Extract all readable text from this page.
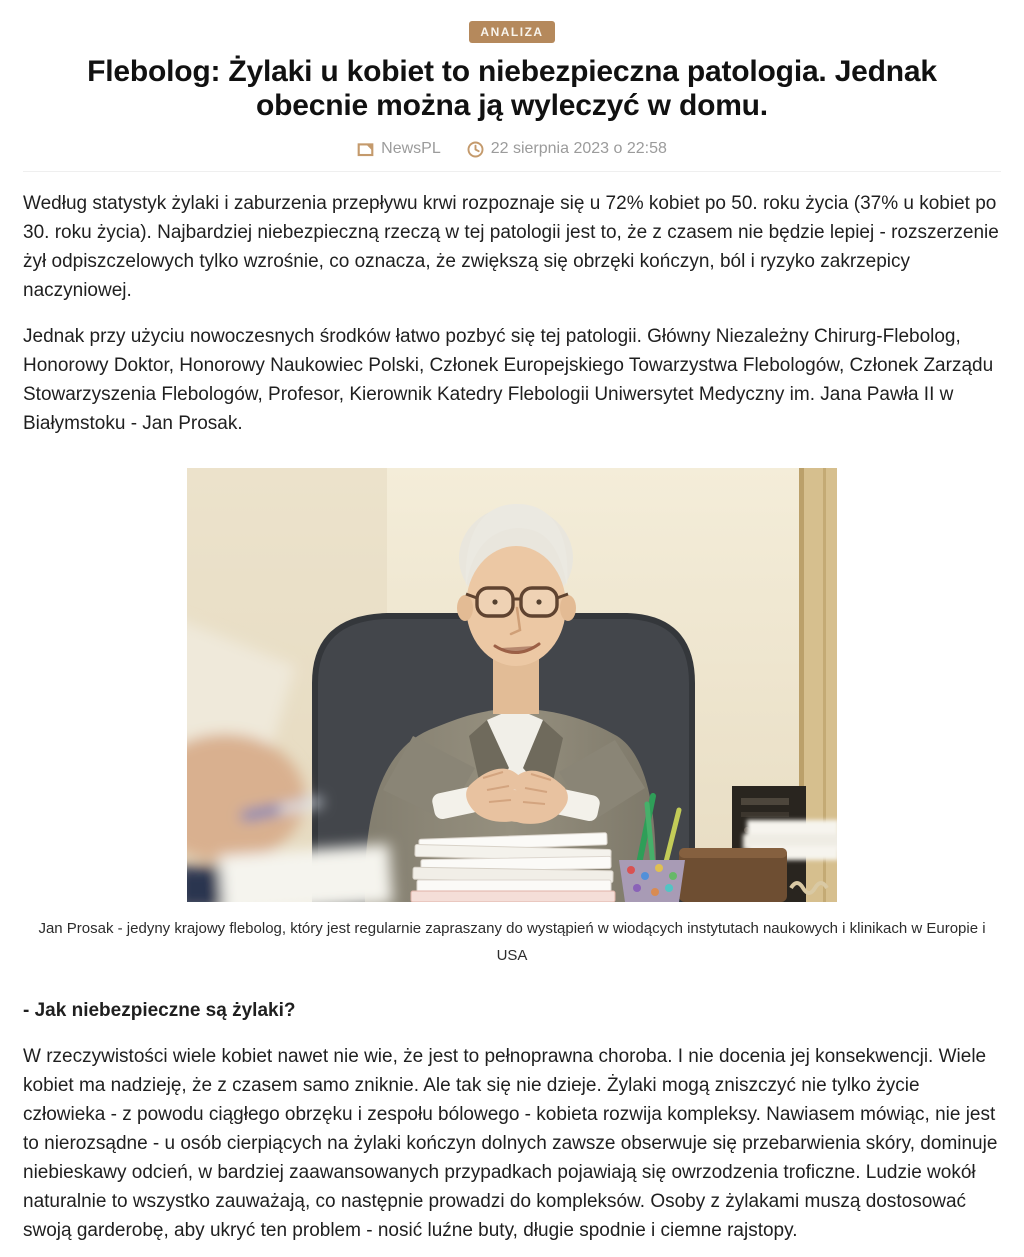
ANALIZA
Flebolog: Żylaki u kobiet to niebezpieczna patologia. Jednak obecnie można ją wyleczyć w domu.
NewsPL	22 sierpnia 2023 o 22:58

Według statystyk żylaki i zaburzenia przepływu krwi rozpoznaje się u 72% kobiet po 50. roku życia (37% u kobiet po 30. roku życia). Najbardziej niebezpieczną rzeczą w tej patologii jest to, że z czasem nie będzie lepiej - rozszerzenie żył odpiszczelowych tylko wzrośnie, co oznacza, że zwiększą się obrzęki kończyn, ból i ryzyko zakrzepicy naczyniowej.

Jednak przy użyciu nowoczesnych środków łatwo pozbyć się tej patologii. Główny Niezależny Chirurg-Flebolog, Honorowy Doktor, Honorowy Naukowiec Polski, Członek Europejskiego Towarzystwa Flebologów, Członek Zarządu Stowarzyszenia Flebologów, Profesor, Kierownik Katedry Flebologii Uniwersytet Medyczny im. Jana Pawła II w Białymstoku - Jan Prosak.

Jan Prosak - jedyny krajowy flebolog, który jest regularnie zapraszany do wystąpień w wiodących instytutach naukowych i klinikach w Europie i USA

- Jak niebezpieczne są żylaki?

W rzeczywistości wiele kobiet nawet nie wie, że jest to pełnoprawna choroba. I nie docenia jej konsekwencji. Wiele kobiet ma nadzieję, że z czasem samo zniknie. Ale tak się nie dzieje. Żylaki mogą zniszczyć nie tylko życie człowieka - z powodu ciągłego obrzęku i zespołu bólowego - kobieta rozwija kompleksy. Nawiasem mówiąc, nie jest to nierozsądne - u osób cierpiących na żylaki kończyn dolnych zawsze obserwuje się przebarwienia skóry, dominuje niebieskawy odcień, w bardziej zaawansowanych przypadkach pojawiają się owrzodzenia troficzne. Ludzie wokół naturalnie to wszystko zauważają, co następnie prowadzi do kompleksów. Osoby z żylakami muszą dostosować swoją garderobę, aby ukryć ten problem - nosić luźne buty, długie spodnie i ciemne rajstopy.
